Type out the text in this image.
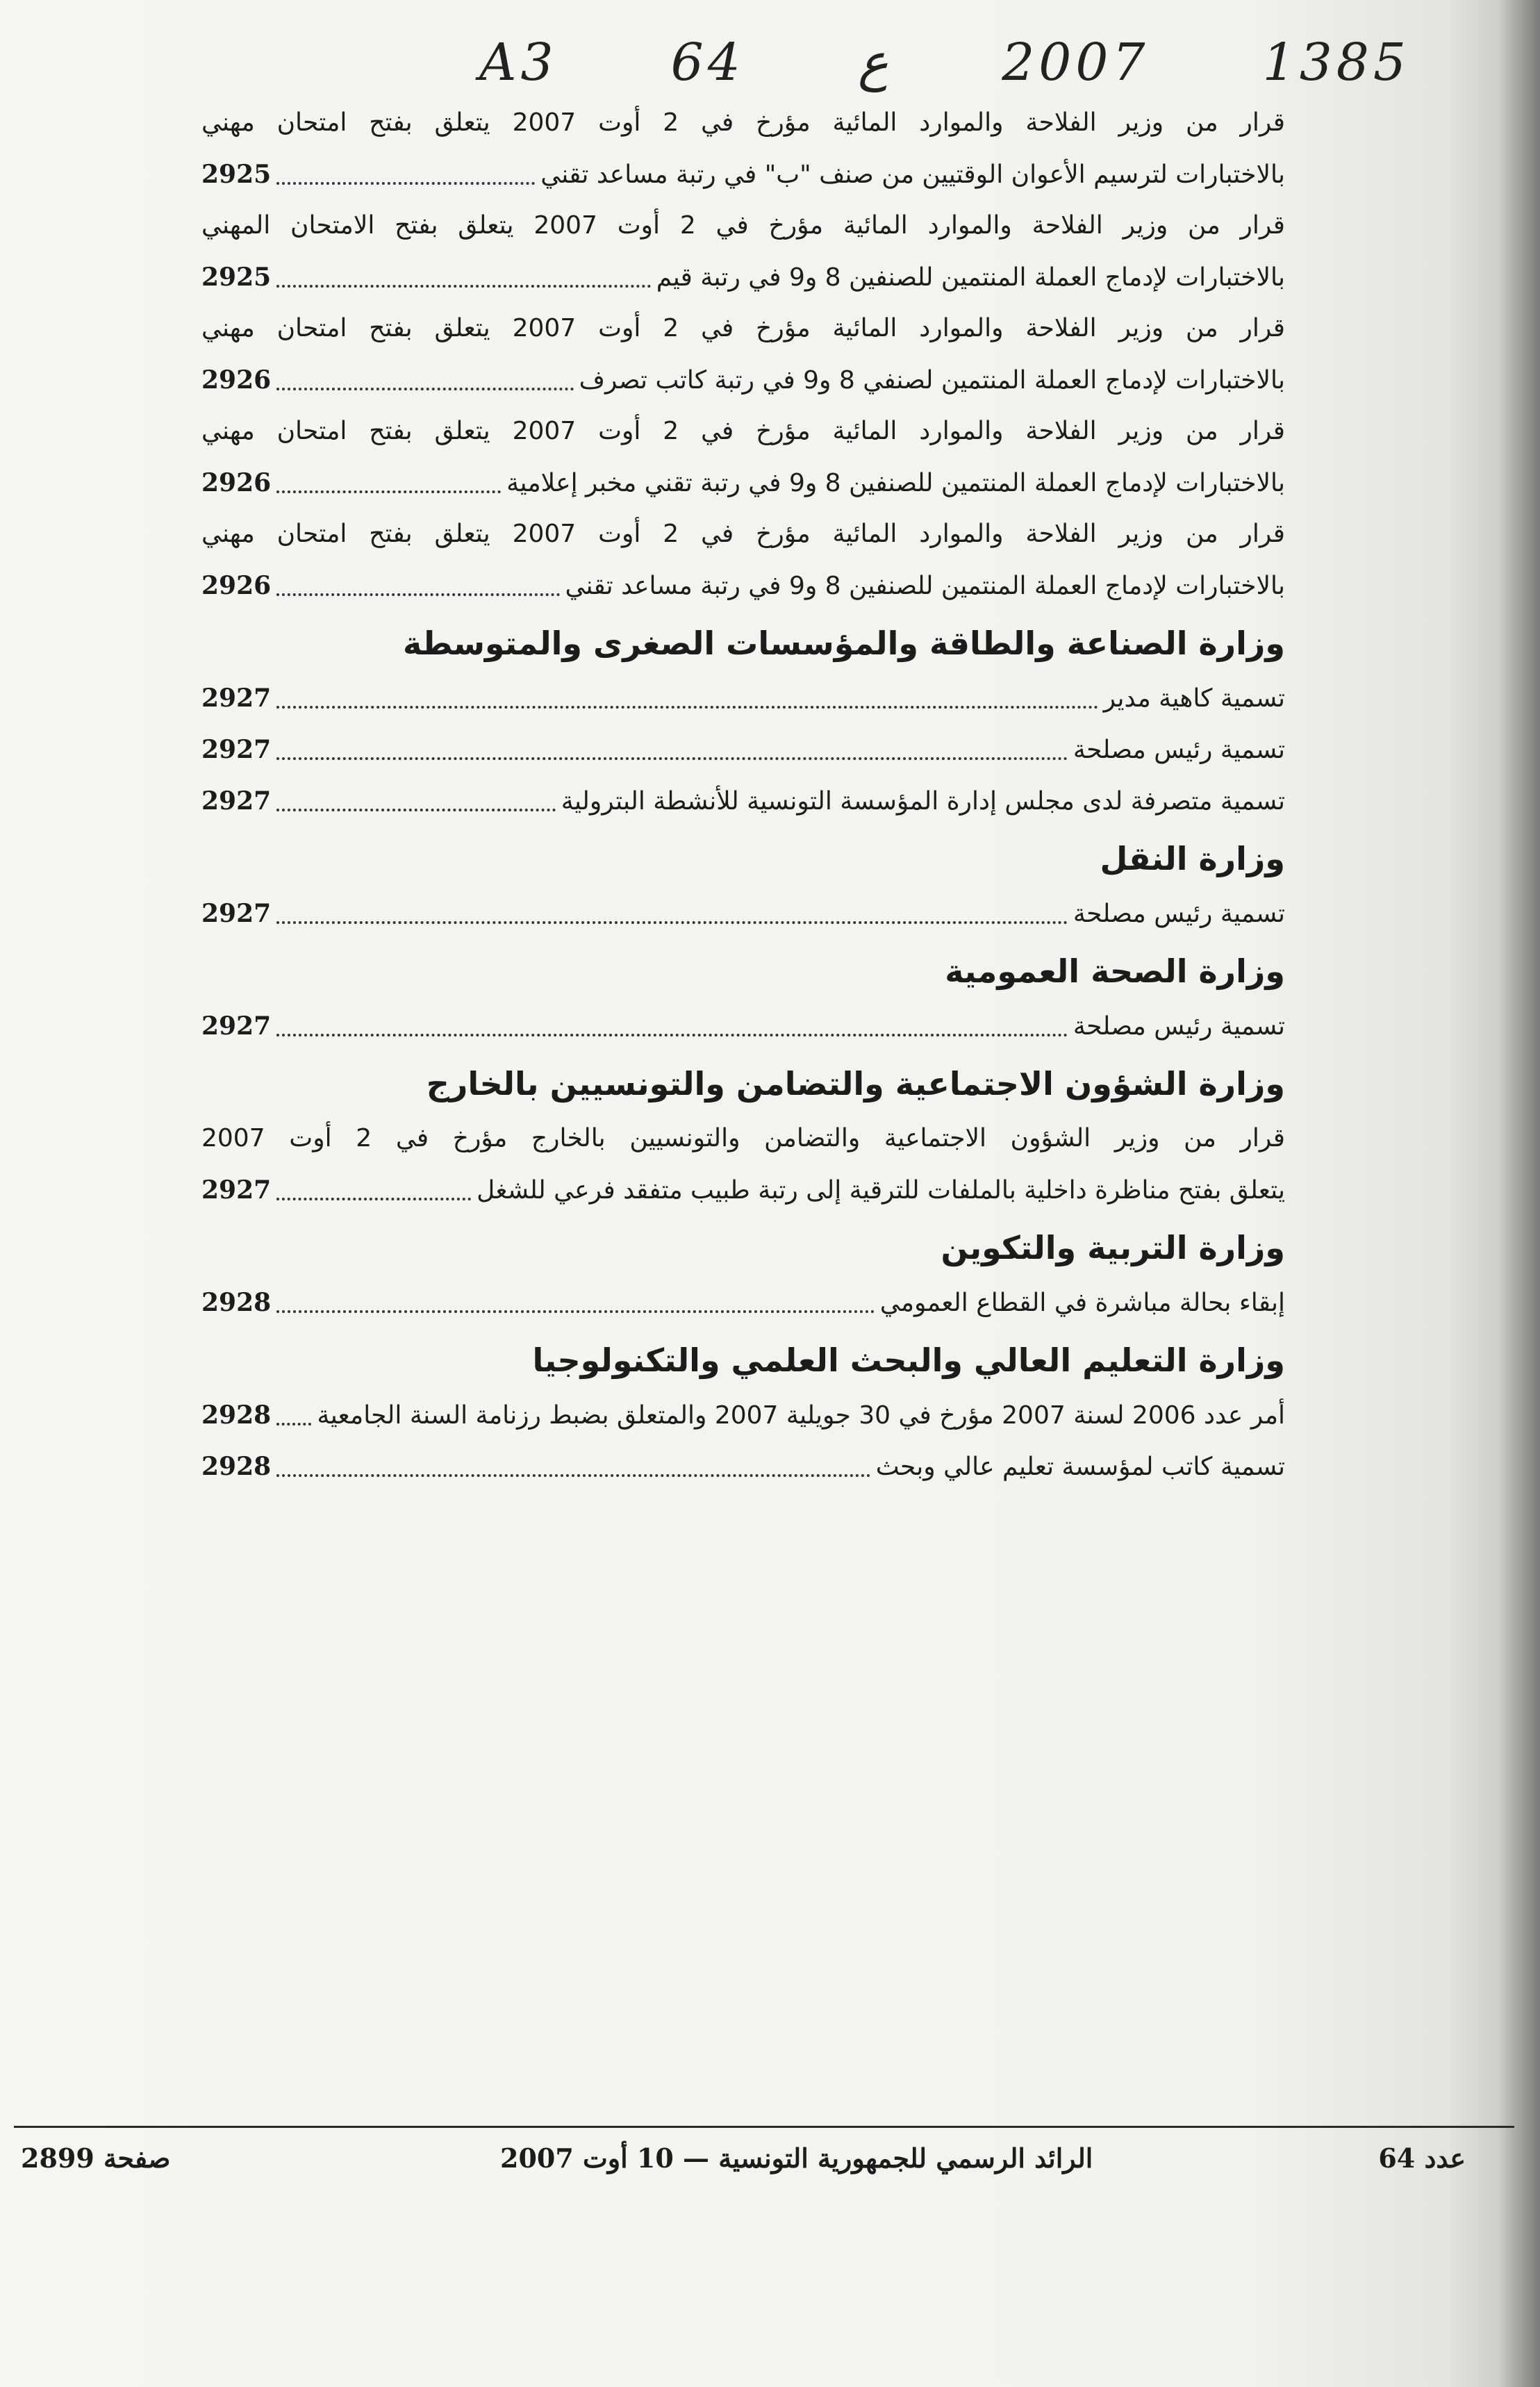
A3 64 ع 2007 1385
قرار من وزير الفلاحة والموارد المائية مؤرخ في 2 أوت 2007 يتعلق بفتح امتحان مهني
بالاختبارات لترسيم الأعوان الوقتيين من صنف "ب" في رتبة مساعد تقني
2925
قرار من وزير الفلاحة والموارد المائية مؤرخ في 2 أوت 2007 يتعلق بفتح الامتحان المهني
بالاختبارات لإدماج العملة المنتمين للصنفين 8 و9 في رتبة قيم
2925
قرار من وزير الفلاحة والموارد المائية مؤرخ في 2 أوت 2007 يتعلق بفتح امتحان مهني
بالاختبارات لإدماج العملة المنتمين لصنفي 8 و9 في رتبة كاتب تصرف
2926
قرار من وزير الفلاحة والموارد المائية مؤرخ في 2 أوت 2007 يتعلق بفتح امتحان مهني
بالاختبارات لإدماج العملة المنتمين للصنفين 8 و9 في رتبة تقني مخبر إعلامية
2926
قرار من وزير الفلاحة والموارد المائية مؤرخ في 2 أوت 2007 يتعلق بفتح امتحان مهني
بالاختبارات لإدماج العملة المنتمين للصنفين 8 و9 في رتبة مساعد تقني
2926
وزارة الصناعة والطاقة والمؤسسات الصغرى والمتوسطة
تسمية كاهية مدير
2927
تسمية رئيس مصلحة
2927
تسمية متصرفة لدى مجلس إدارة المؤسسة التونسية للأنشطة البترولية
2927
وزارة النقل
تسمية رئيس مصلحة
2927
وزارة الصحة العمومية
تسمية رئيس مصلحة
2927
وزارة الشؤون الاجتماعية والتضامن والتونسيين بالخارج
قرار من وزير الشؤون الاجتماعية والتضامن والتونسيين بالخارج مؤرخ في 2 أوت 2007
يتعلق بفتح مناظرة داخلية بالملفات للترقية إلى رتبة طبيب متفقد فرعي للشغل
2927
وزارة التربية والتكوين
إبقاء بحالة مباشرة في القطاع العمومي
2928
وزارة التعليم العالي والبحث العلمي والتكنولوجيا
أمر عدد 2006 لسنة 2007 مؤرخ في 30 جويلية 2007 والمتعلق بضبط رزنامة السنة الجامعية
2928
تسمية كاتب لمؤسسة تعليم عالي وبحث
2928
صفحة 2899	الرائد الرسمي للجمهورية التونسية — 10 أوت 2007	عدد 64
